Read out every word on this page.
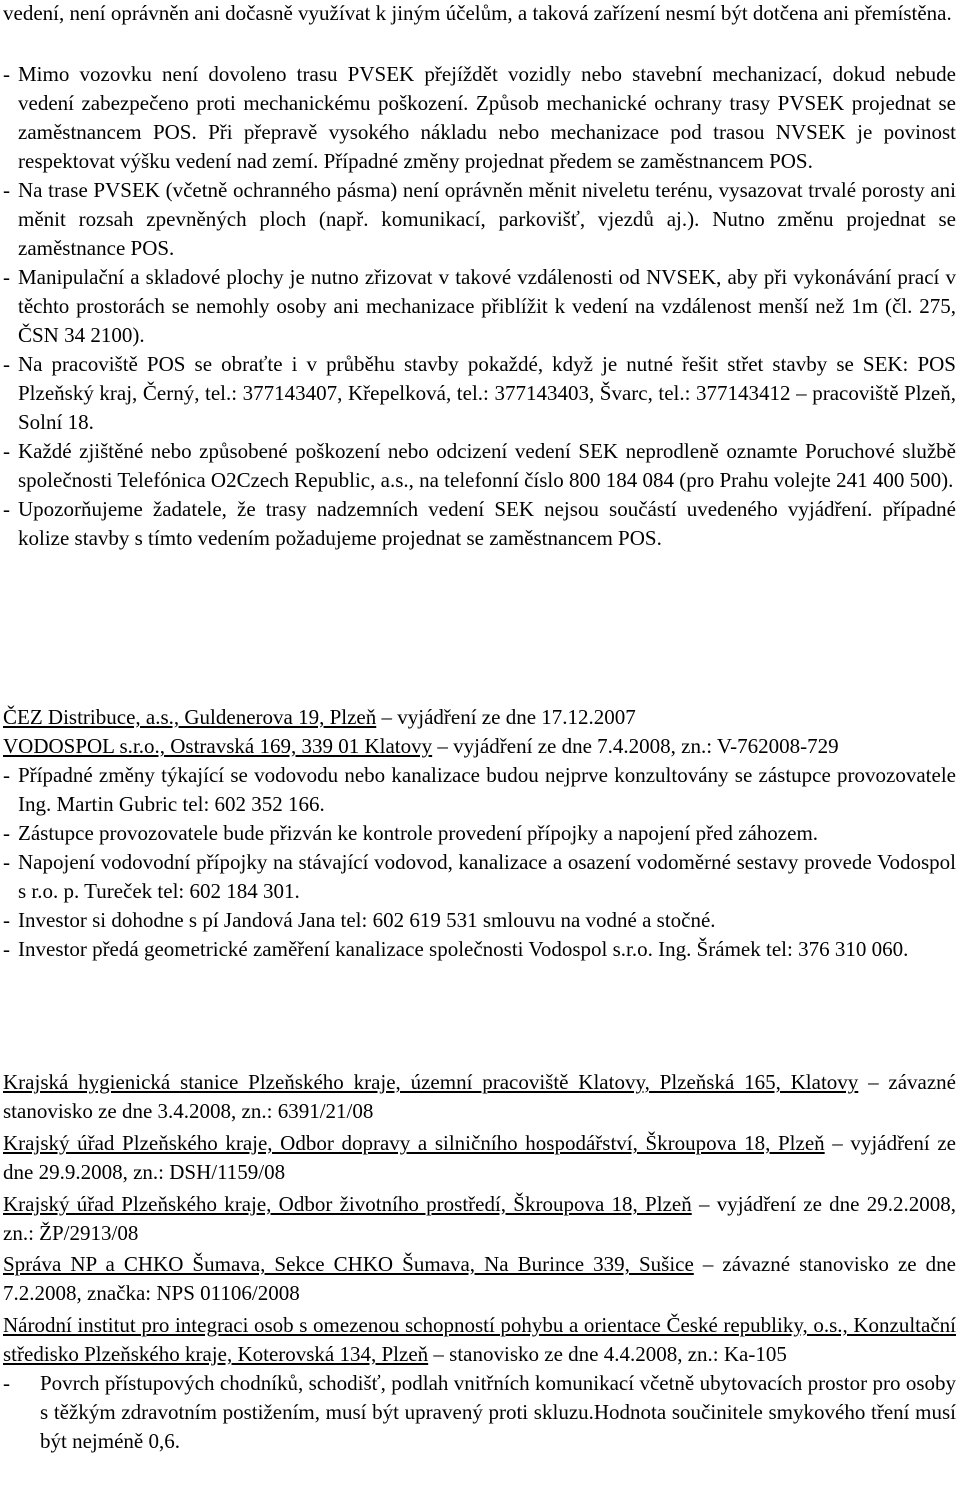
vedení, není oprávněn ani dočasně využívat k jiným účelům, a taková zařízení nesmí být dotčena ani přemístěna.

- Mimo vozovku není dovoleno trasu PVSEK přejíždět vozidly nebo stavební mechanizací, dokud nebude vedení zabezpečeno proti mechanickému poškození. Způsob mechanické ochrany trasy PVSEK projednat se zaměstnancem POS. Při přepravě vysokého nákladu nebo mechanizace pod trasou NVSEK je povinost respektovat výšku vedení nad zemí. Případné změny projednat předem se zaměstnancem POS.
- Na trase PVSEK (včetně ochranného pásma) není oprávněn měnit niveletu terénu, vysazovat trvalé porosty ani měnit rozsah zpevněných ploch (např. komunikací, parkovišť, vjezdů aj.). Nutno změnu projednat se zaměstnance POS.
- Manipulační a skladové plochy je nutno zřizovat v takové vzdálenosti od NVSEK, aby při vykonávání prací v těchto prostorách se nemohly osoby ani mechanizace přiblížit k vedení na vzdálenost menší než 1m (čl. 275, ČSN 34 2100).
- Na pracoviště POS se obraťte i v průběhu stavby pokaždé, když je nutné řešit střet stavby se SEK: POS Plzeňský kraj, Černý, tel.: 377143407, Křepelková, tel.: 377143403, Švarc, tel.: 377143412 – pracoviště Plzeň, Solní 18.
- Každé zjištěné nebo způsobené poškození nebo odcizení vedení SEK neprodleně oznamte Poruchové službě společnosti Telefónica O2Czech Republic, a.s., na telefonní číslo 800 184 084 (pro Prahu volejte 241 400 500).
- Upozorňujeme žadatele, že trasy nadzemních vedení SEK nejsou součástí uvedeného vyjádření. případné kolize stavby s tímto vedením požadujeme projednat se zaměstnancem POS.

ČEZ Distribuce, a.s., Guldenerova 19, Plzeň – vyjádření ze dne 17.12.2007

VODOSPOL s.r.o., Ostravská 169, 339 01 Klatovy – vyjádření ze dne 7.4.2008, zn.: V-762008-729

- Případné změny týkající se vodovodu nebo kanalizace budou nejprve konzultovány se zástupce provozovatele Ing. Martin Gubric tel: 602 352 166.
- Zástupce provozovatele bude přizván ke kontrole provedení přípojky a napojení před záhozem.
- Napojení vodovodní přípojky na stávající vodovod, kanalizace a osazení vodoměrné sestavy provede Vodospol s r.o. p. Tureček tel: 602 184 301.
- Investor si dohodne s pí Jandová Jana tel: 602 619 531 smlouvu na vodné a stočné.
- Investor předá geometrické zaměření kanalizace společnosti Vodospol s.r.o. Ing. Šrámek tel: 376 310 060.

Krajská hygienická stanice Plzeňského kraje, územní pracoviště Klatovy, Plzeňská 165, Klatovy – závazné stanovisko ze dne 3.4.2008, zn.: 6391/21/08

Krajský úřad Plzeňského kraje, Odbor dopravy a silničního hospodářství, Škroupova 18, Plzeň – vyjádření ze dne 29.9.2008, zn.: DSH/1159/08

Krajský úřad Plzeňského kraje, Odbor životního prostředí, Škroupova 18, Plzeň – vyjádření ze dne 29.2.2008, zn.: ŽP/2913/08

Správa NP a CHKO Šumava, Sekce CHKO Šumava, Na Burince 339, Sušice – závazné stanovisko ze dne 7.2.2008, značka: NPS 01106/2008

Národní institut pro integraci osob s omezenou schopností pohybu a orientace České republiky, o.s., Konzultační středisko Plzeňského kraje, Koterovská 134, Plzeň – stanovisko ze dne 4.4.2008, zn.: Ka-105

-	Povrch přístupových chodníků, schodišť, podlah vnitřních komunikací včetně ubytovacích prostor pro osoby s těžkým zdravotním postižením, musí být upravený proti skluzu.Hodnota součinitele smykového tření musí být nejméně 0,6.
